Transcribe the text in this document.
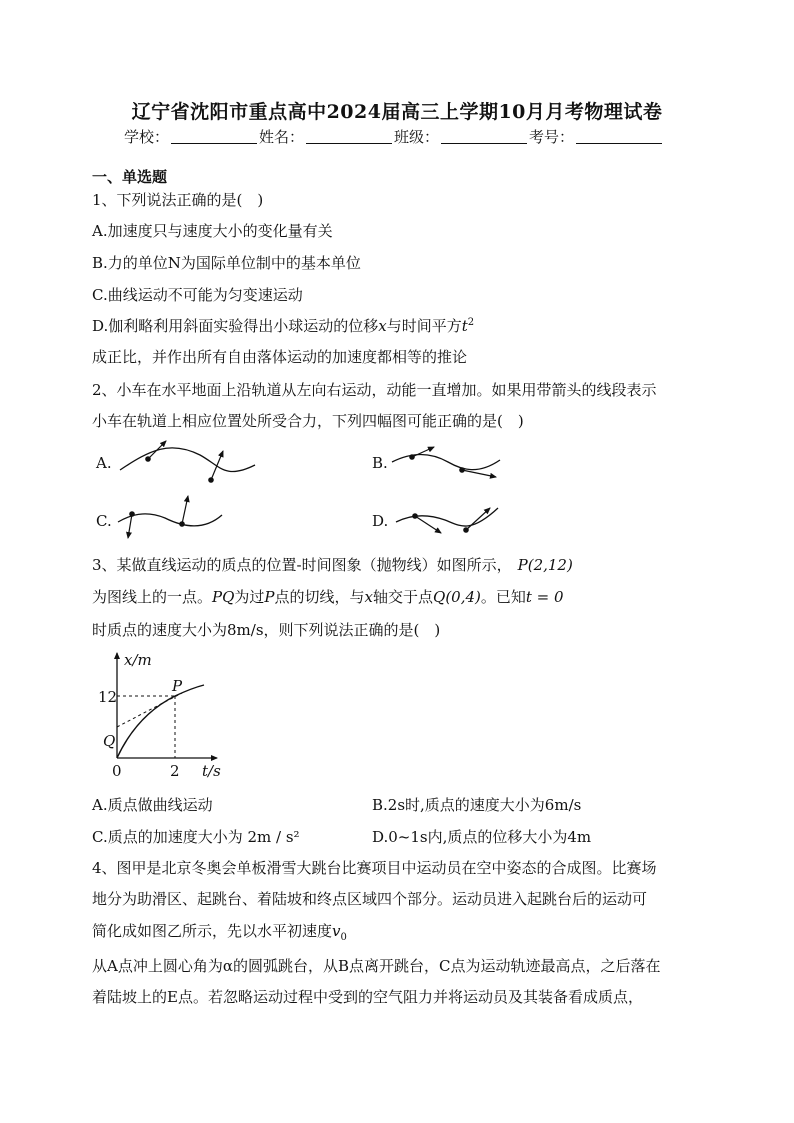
辽宁省沈阳市重点高中2024届高三上学期10月月考物理试卷
学校：	姓名：	班级：	考号：
一、单选题
1、下列说法正确的是(　)
A.加速度只与速度大小的变化量有关
B.力的单位N为国际单位制中的基本单位
C.曲线运动不可能为匀变速运动
D.伽利略利用斜面实验得出小球运动的位移x与时间平方$t^2$
成正比，并作出所有自由落体运动的加速度都相等的推论
2、小车在水平地面上沿轨道从左向右运动，动能一直增加。如果用带箭头的线段表示
小车在轨道上相应位置处所受合力，下列四幅图可能正确的是(　)
A.	B.
C.	D.
3、某做直线运动的质点的位置-时间图象（抛物线）如图所示， P(2,12)
为图线上的一点。PQ为过P点的切线，与x轴交于点Q(0,4)。已知t = 0
时质点的速度大小为8m/s，则下列说法正确的是(　)
x/m
t/s
12
2
0
P
Q
A.质点做曲线运动	B.2s时,质点的速度大小为6m/s
C.质点的加速度大小为 2m / s²	D.0~1s内,质点的位移大小为4m
4、图甲是北京冬奥会单板滑雪大跳台比赛项目中运动员在空中姿态的合成图。比赛场
地分为助滑区、起跳台、着陆坡和终点区域四个部分。运动员进入起跳台后的运动可
简化成如图乙所示，先以水平初速度$v_0$
从A点冲上圆心角为α的圆弧跳台，从B点离开跳台，C点为运动轨迹最高点，之后落在
着陆坡上的E点。若忽略运动过程中受到的空气阻力并将运动员及其装备看成质点，
